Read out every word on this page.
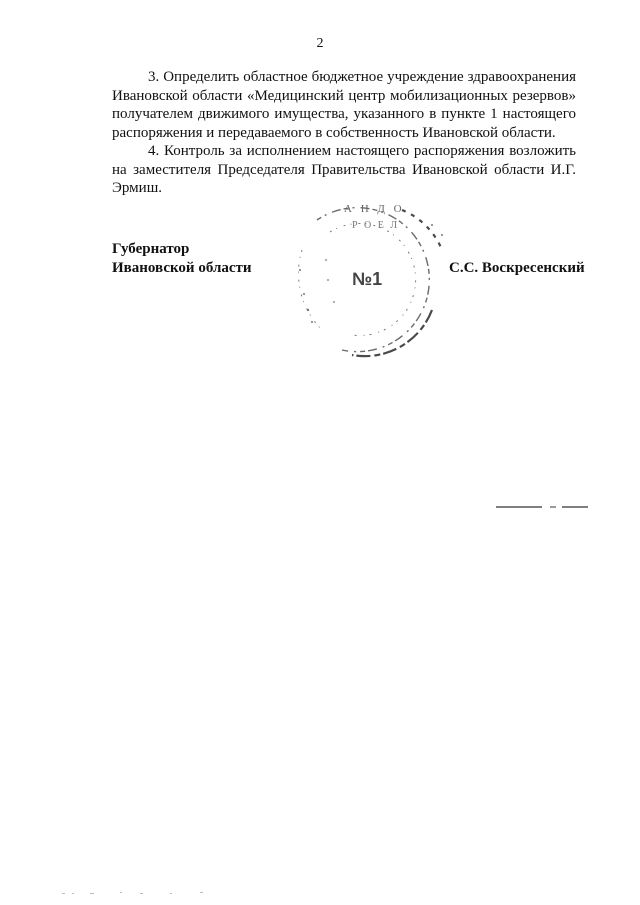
2

3. Определить областное бюджетное учреждение здравоохранения Ивановской области «Медицинский центр мобилизационных резервов» получателем движимого имущества, указанного в пункте 1 настоящего распоряжения и передаваемого в собственность Ивановской области.

4. Контроль за исполнением настоящего распоряжения возложить на заместителя Председателя Правительства Ивановской области И.Г. Эрмиш.

А Н Д О
Р О Е Л
№1
Губернатор
Ивановской области	С.С. Воскресенский
